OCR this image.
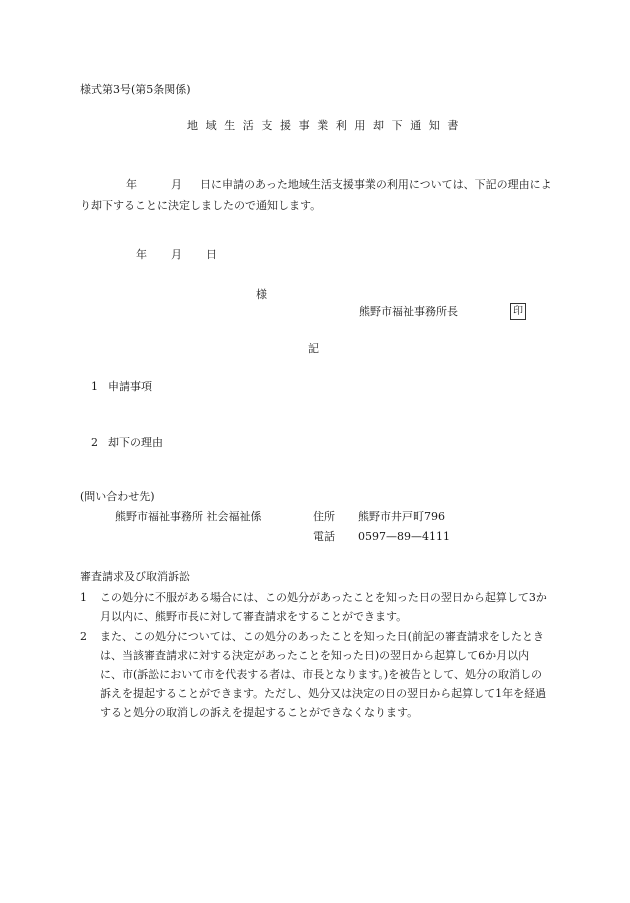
様式第3号(第5条関係)
地域生活支援事業利用却下通知書
年	月 日に申請のあった地域生活支援事業の利用については、下記の理由により却下することに決定しましたので通知します。
年 月 日
様
熊野市福祉事務所長	印
記
1 申請事項
2 却下の理由
(問い合わせ先)
熊野市福祉事務所 社会福祉係	住所 熊野市井戸町796
電話 0597—89—4111
審査請求及び取消訴訟
1 この処分に不服がある場合には、この処分があったことを知った日の翌日から起算して3か月以内に、熊野市長に対して審査請求をすることができます。
2 また、この処分については、この処分のあったことを知った日(前記の審査請求をしたときは、当該審査請求に対する決定があったことを知った日)の翌日から起算して6か月以内に、市(訴訟において市を代表する者は、市長となります。)を被告として、処分の取消しの訴えを提起することができます。ただし、処分又は決定の日の翌日から起算して1年を経過すると処分の取消しの訴えを提起することができなくなります。
